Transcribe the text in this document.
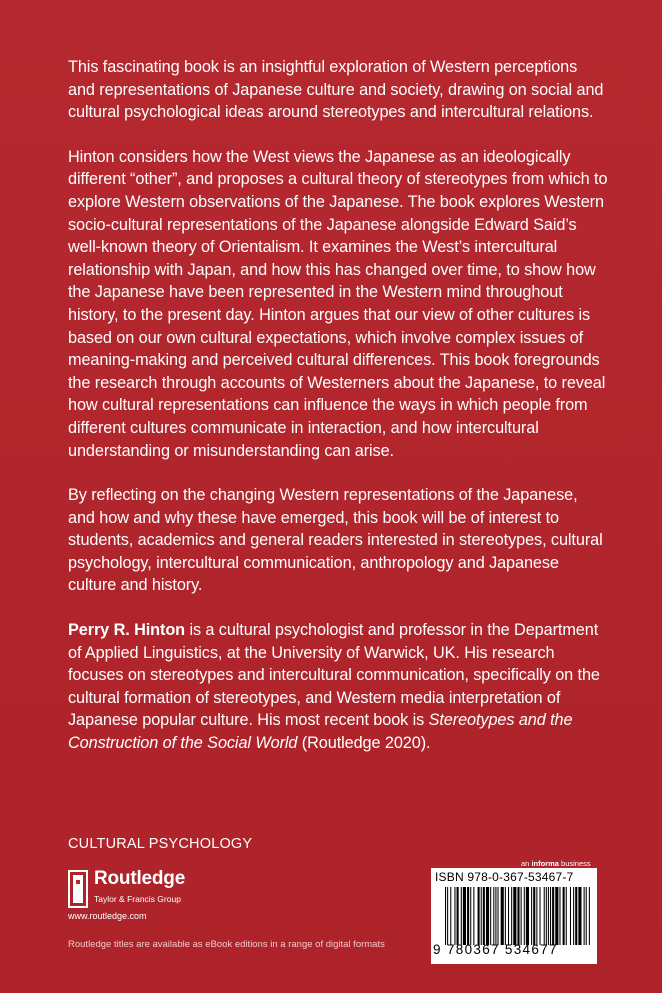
This fascinating book is an insightful exploration of Western perceptions and representations of Japanese culture and society, drawing on social and cultural psychological ideas around stereotypes and intercultural relations.

Hinton considers how the West views the Japanese as an ideologically different “other”, and proposes a cultural theory of stereotypes from which to explore Western observations of the Japanese. The book explores Western socio-cultural representations of the Japanese alongside Edward Said’s well-known theory of Orientalism. It examines the West’s intercultural relationship with Japan, and how this has changed over time, to show how the Japanese have been represented in the Western mind throughout history, to the present day. Hinton argues that our view of other cultures is based on our own cultural expectations, which involve complex issues of meaning-making and perceived cultural differences. This book foregrounds the research through accounts of Westerners about the Japanese, to reveal how cultural representations can influence the ways in which people from different cultures communicate in interaction, and how intercultural understanding or misunderstanding can arise.

By reflecting on the changing Western representations of the Japanese, and how and why these have emerged, this book will be of interest to students, academics and general readers interested in stereotypes, cultural psychology, intercultural communication, anthropology and Japanese culture and history.

Perry R. Hinton is a cultural psychologist and professor in the Department of Applied Linguistics, at the University of Warwick, UK. His research focuses on stereotypes and intercultural communication, specifically on the cultural formation of stereotypes, and Western media interpretation of Japanese popular culture. His most recent book is Stereotypes and the Construction of the Social World (Routledge 2020).

CULTURAL PSYCHOLOGY
Routledge
Taylor & Francis Group
www.routledge.com
Routledge titles are available as eBook editions in a range of digital formats
an informa business
ISBN 978-0-367-53467-7
9 780367 534677
